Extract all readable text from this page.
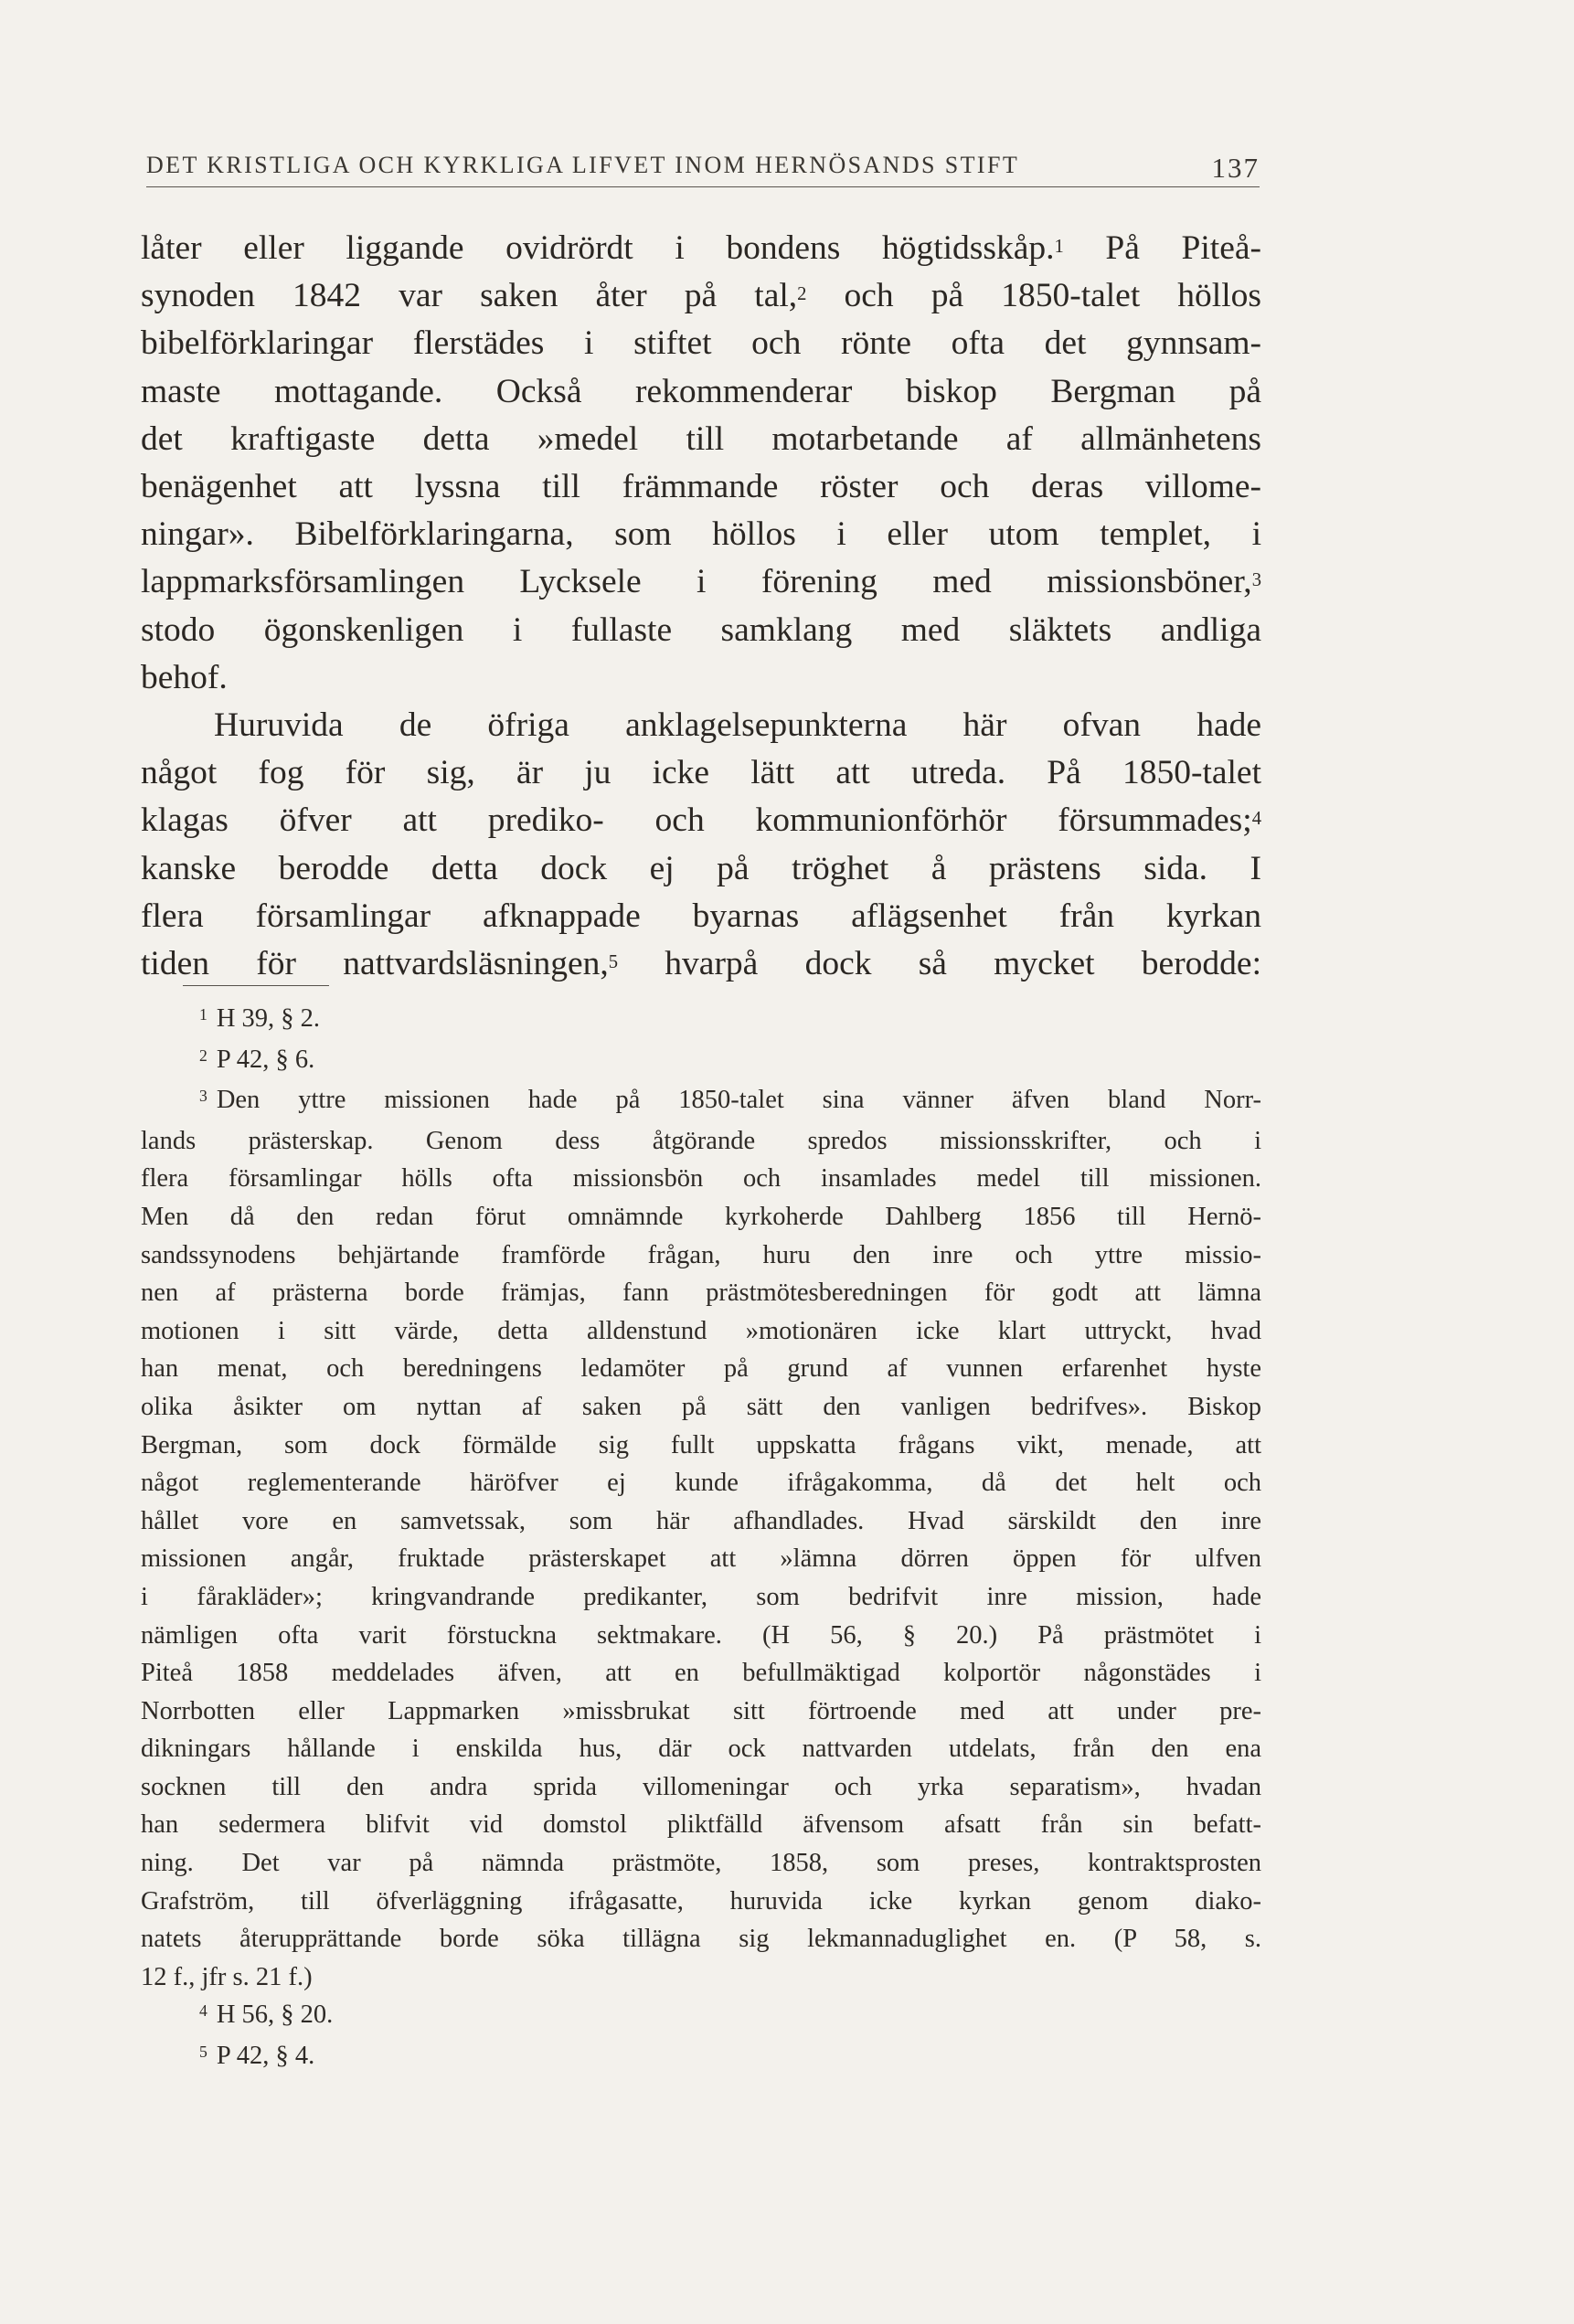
DET KRISTLIGA OCH KYRKLIGA LIFVET INOM HERNÖSANDS STIFT	137
låter eller liggande ovidrördt i bondens högtidsskåp.$^1$ På Piteå-
synoden 1842 var saken åter på tal,$^2$ och på 1850-talet höllos
bibelförklaringar flerstädes i stiftet och rönte ofta det gynnsam-
maste mottagande. Också rekommenderar biskop Bergman på
det kraftigaste detta »medel till motarbetande af allmänhetens
benägenhet att lyssna till främmande röster och deras villome-
ningar». Bibelförklaringarna, som höllos i eller utom templet, i
lappmarksförsamlingen Lycksele i förening med missionsböner,$^3$
stodo ögonskenligen i fullaste samklang med släktets andliga
behof.
Huruvida de öfriga anklagelsepunkterna här ofvan hade
något fog för sig, är ju icke lätt att utreda. På 1850-talet
klagas öfver att prediko- och kommunionförhör försummades;$^4$
kanske berodde detta dock ej på tröghet å prästens sida. I
flera församlingar afknappade byarnas aflägsenhet från kyrkan
tiden för nattvardsläsningen,$^5$ hvarpå dock så mycket berodde:
$^1$ H 39, § 2.
$^2$ P 42, § 6.
$^3$ Den yttre missionen hade på 1850-talet sina vänner äfven bland Norr-
lands prästerskap. Genom dess åtgörande spredos missionsskrifter, och i
flera församlingar hölls ofta missionsbön och insamlades medel till missionen.
Men då den redan förut omnämnde kyrkoherde Dahlberg 1856 till Hernö-
sandssynodens behjärtande framförde frågan, huru den inre och yttre missio-
nen af prästerna borde främjas, fann prästmötesberedningen för godt att lämna
motionen i sitt värde, detta alldenstund »motionären icke klart uttryckt, hvad
han menat, och beredningens ledamöter på grund af vunnen erfarenhet hyste
olika åsikter om nyttan af saken på sätt den vanligen bedrifves». Biskop
Bergman, som dock förmälde sig fullt uppskatta frågans vikt, menade, att
något reglementerande häröfver ej kunde ifrågakomma, då det helt och
hållet vore en samvetssak, som här afhandlades. Hvad särskildt den inre
missionen angår, fruktade prästerskapet att »lämna dörren öppen för ulfven
i fårakläder»; kringvandrande predikanter, som bedrifvit inre mission, hade
nämligen ofta varit förstuckna sektmakare. (H 56, § 20.) På prästmötet i
Piteå 1858 meddelades äfven, att en befullmäktigad kolportör någonstädes i
Norrbotten eller Lappmarken »missbrukat sitt förtroende med att under pre-
dikningars hållande i enskilda hus, där ock nattvarden utdelats, från den ena
socknen till den andra sprida villomeningar och yrka separatism», hvadan
han sedermera blifvit vid domstol pliktfälld äfvensom afsatt från sin befatt-
ning. Det var på nämnda prästmöte, 1858, som preses, kontraktsprosten
Grafström, till öfverläggning ifrågasatte, huruvida icke kyrkan genom diako-
natets återupprättande borde söka tillägna sig lekmannaduglighet en. (P 58, s.
12 f., jfr s. 21 f.)
$^4$ H 56, § 20.
$^5$ P 42, § 4.
